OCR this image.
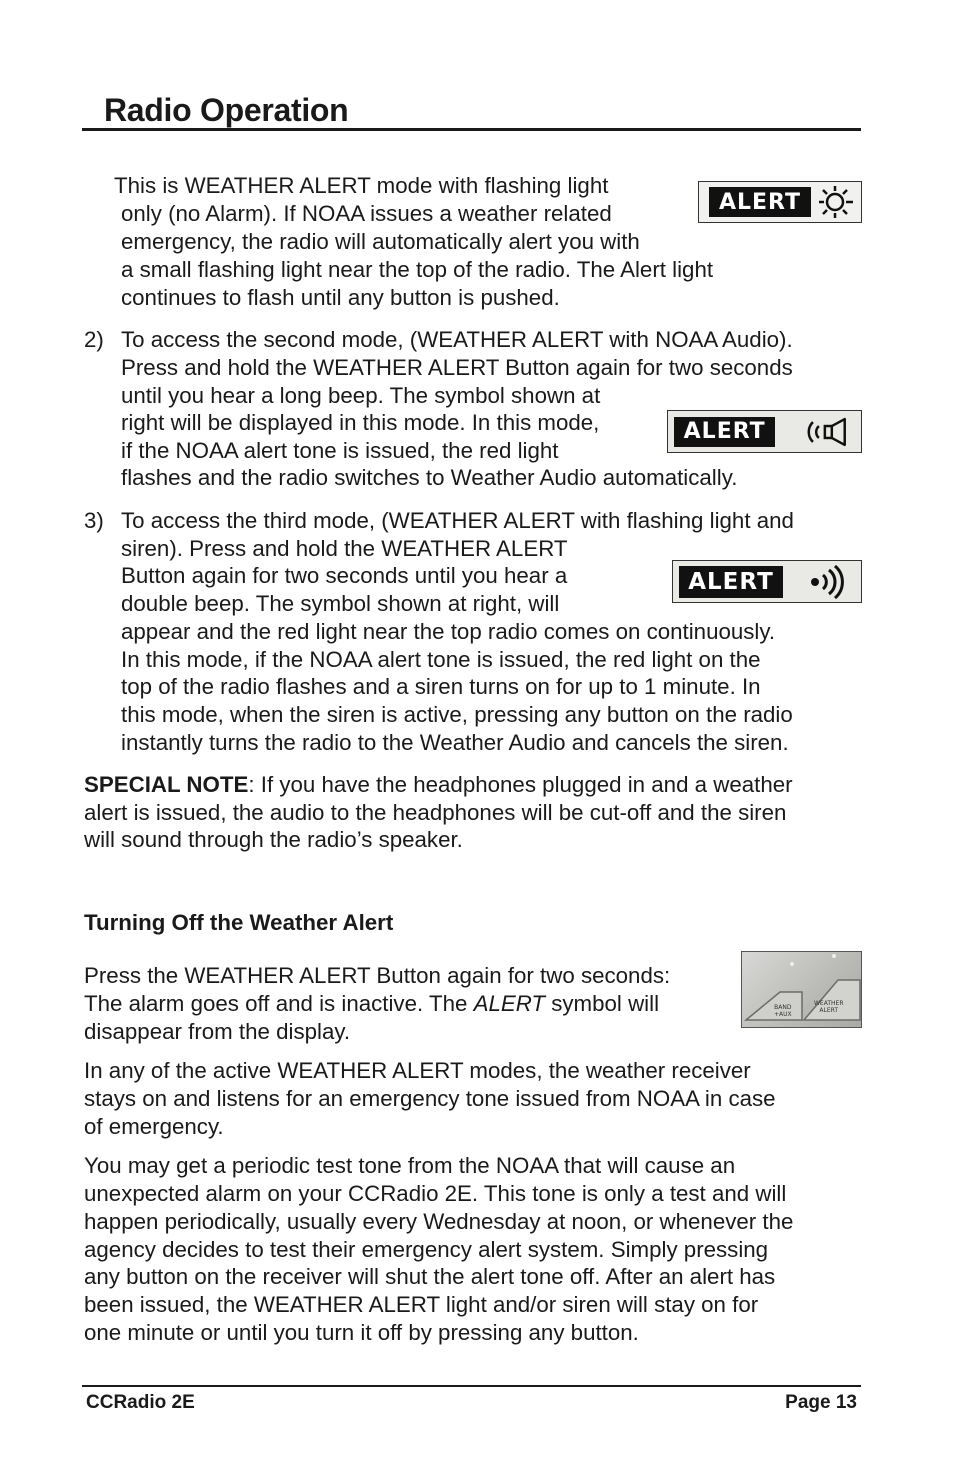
Radio Operation
This is WEATHER ALERT mode with flashing light
only (no Alarm). If NOAA issues a weather related
emergency, the radio will automatically alert you with
a small flashing light near the top of the radio. The Alert light
continues to flash until any button is pushed.
ALERT
2) To access the second mode, (WEATHER ALERT with NOAA Audio).
Press and hold the WEATHER ALERT Button again for two seconds
until you hear a long beep. The symbol shown at
right will be displayed in this mode. In this mode,
if the NOAA alert tone is issued, the red light
flashes and the radio switches to Weather Audio automatically.
ALERT
3) To access the third mode, (WEATHER ALERT with flashing light and
siren). Press and hold the WEATHER ALERT
Button again for two seconds until you hear a
double beep. The symbol shown at right, will
appear and the red light near the top radio comes on continuously.
In this mode, if the NOAA alert tone is issued, the red light on the
top of the radio flashes and a siren turns on for up to 1 minute. In
this mode, when the siren is active, pressing any button on the radio
instantly turns the radio to the Weather Audio and cancels the siren.
ALERT
SPECIAL NOTE: If you have the headphones plugged in and a weather
alert is issued, the audio to the headphones will be cut-off and the siren
will sound through the radio’s speaker.
Turning Off the Weather Alert
Press the WEATHER ALERT Button again for two seconds:
The alarm goes off and is inactive. The ALERT symbol will
disappear from the display.
BAND
+AUX
WEATHER
ALERT
In any of the active WEATHER ALERT modes, the weather receiver
stays on and listens for an emergency tone issued from NOAA in case
of emergency.
You may get a periodic test tone from the NOAA that will cause an
unexpected alarm on your CCRadio 2E. This tone is only a test and will
happen periodically, usually every Wednesday at noon, or whenever the
agency decides to test their emergency alert system. Simply pressing
any button on the receiver will shut the alert tone off. After an alert has
been issued, the WEATHER ALERT light and/or siren will stay on for
one minute or until you turn it off by pressing any button.
CCRadio 2E	Page 13
